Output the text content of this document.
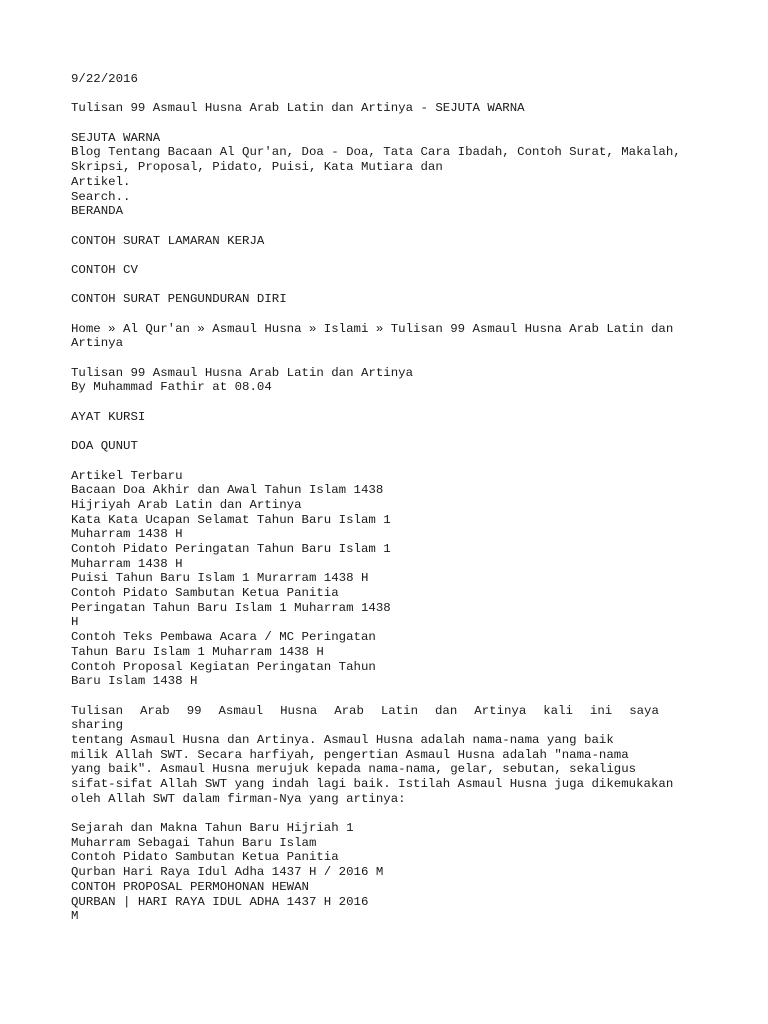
9/22/2016
Tulisan 99 Asmaul Husna Arab Latin dan Artinya - SEJUTA WARNA
SEJUTA WARNA
Blog Tentang Bacaan Al Qur'an, Doa - Doa, Tata Cara Ibadah, Contoh Surat, Makalah,
Skripsi, Proposal, Pidato, Puisi, Kata Mutiara dan
Artikel.
Search..
BERANDA
CONTOH SURAT LAMARAN KERJA
CONTOH CV
CONTOH SURAT PENGUNDURAN DIRI
Home » Al Qur'an » Asmaul Husna » Islami » Tulisan 99 Asmaul Husna Arab Latin dan
Artinya
Tulisan 99 Asmaul Husna Arab Latin dan Artinya
By Muhammad Fathir at 08.04
AYAT KURSI
DOA QUNUT
Artikel Terbaru
Bacaan Doa Akhir dan Awal Tahun Islam 1438
Hijriyah Arab Latin dan Artinya
Kata Kata Ucapan Selamat Tahun Baru Islam 1
Muharram 1438 H
Contoh Pidato Peringatan Tahun Baru Islam 1
Muharram 1438 H
Puisi Tahun Baru Islam 1 Murarram 1438 H
Contoh Pidato Sambutan Ketua Panitia
Peringatan Tahun Baru Islam 1 Muharram 1438
H
Contoh Teks Pembawa Acara / MC Peringatan
Tahun Baru Islam 1 Muharram 1438 H
Contoh Proposal Kegiatan Peringatan Tahun
Baru Islam 1438 H
Tulisan Arab 99 Asmaul Husna Arab Latin dan Artinya kali ini saya
sharing
tentang Asmaul Husna dan Artinya. Asmaul Husna adalah nama-nama yang baik
milik Allah SWT. Secara harfiyah, pengertian Asmaul Husna adalah "nama-nama
yang baik". Asmaul Husna merujuk kepada nama-nama, gelar, sebutan, sekaligus
sifat-sifat Allah SWT yang indah lagi baik. Istilah Asmaul Husna juga dikemukakan
oleh Allah SWT dalam firman-Nya yang artinya:
Sejarah dan Makna Tahun Baru Hijriah 1
Muharram Sebagai Tahun Baru Islam
Contoh Pidato Sambutan Ketua Panitia
Qurban Hari Raya Idul Adha 1437 H / 2016 M
CONTOH PROPOSAL PERMOHONAN HEWAN
QURBAN | HARI RAYA IDUL ADHA 1437 H 2016
M
